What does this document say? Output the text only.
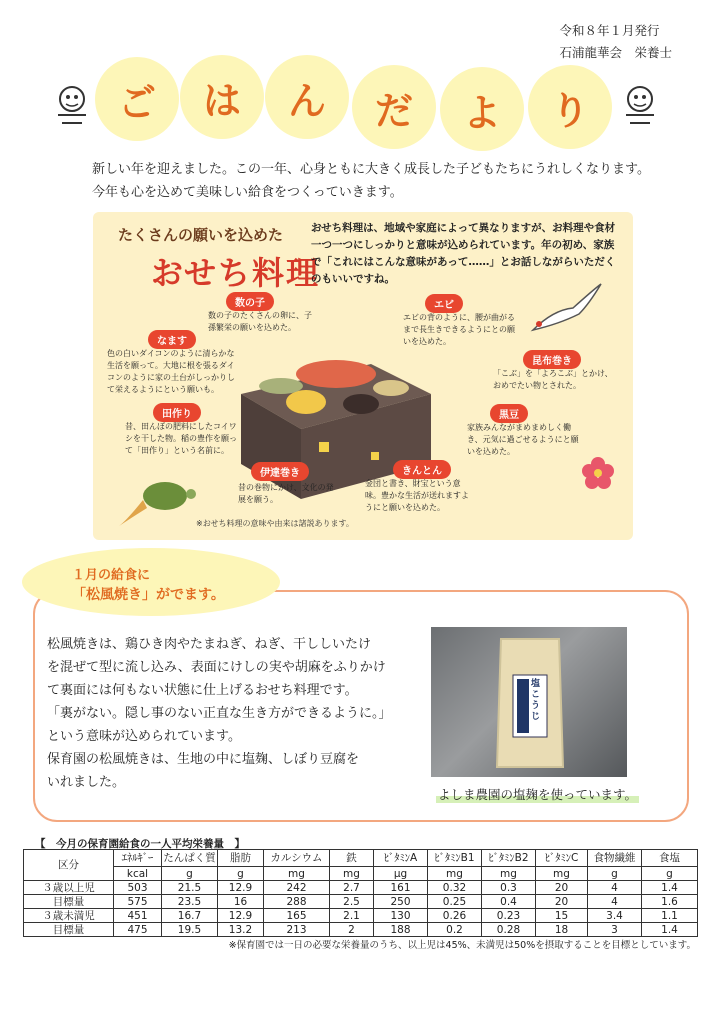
令和８年１月発行
石浦龍華会　栄養士
ご	は	ん	だ	よ	り
新しい年を迎えました。この一年、心身ともに大きく成長した子どもたちにうれしくなります。
今年も心を込めて美味しい給食をつくっていきます。
たくさんの願いを込めた
おせち料理
おせち料理は、地域や家庭によって異なりますが、お料理や食材一つ一つにしっかりと意味が込められています。年の初め、家族で「これにはこんな意味があって……」とお話しながらいただくのもいいですね。
数の子
数の子のたくさんの卵に、子孫繁栄の願いを込めた。
エビ
エビの背のように、腰が曲がるまで長生きできるようにとの願いを込めた。
なます
色の白いダイコンのように清らかな生活を願って。大地に根を張るダイコンのように家の土台がしっかりして栄えるようにという願いも。
昆布巻き
「こぶ」を「よろこぶ」とかけ、おめでたい物とされた。
田作り
昔、田んぼの肥料にしたコイワシを干した物。稲の豊作を願って「田作り」という名前に。
黒豆
家族みんながまめまめしく働き、元気に過ごせるようにと願いを込めた。
伊達巻き
昔の巻物にかけ、文化の発展を願う。
きんとん
金団と書き、財宝という意味。豊かな生活が送れますようにと願いを込めた。
※おせち料理の意味や由来は諸説あります。
１月の給食に
「松風焼き」がでます。
松風焼きは、鶏ひき肉やたまねぎ、ねぎ、干ししいたけ
を混ぜて型に流し込み、表面にけしの実や胡麻をふりかけ
て裏面には何もない状態に仕上げるおせち料理です。
「裏がない。隠し事のない正直な生き方ができるように。」
という意味が込められています。
保育園の松風焼きは、生地の中に塩麹、しぼり豆腐を
いれました。
塩こうじ
よしま農園の塩麹を使っています。
【　今月の保育園給食の一人平均栄養量　】
区分	ｴﾈﾙｷﾞｰ	たんぱく質	脂肪	カルシウム	鉄	ﾋﾞﾀﾐﾝA	ﾋﾞﾀﾐﾝB1	ﾋﾞﾀﾐﾝB2	ﾋﾞﾀﾐﾝC	食物繊維	食塩
	kcal	g	g	mg	mg	μg	mg	mg	mg	g	g
３歳以上児	503	21.5	12.9	242	2.7	161	0.32	0.3	20	4	1.4
目標量	575	23.5	16	288	2.5	250	0.25	0.4	20	4	1.6
３歳未満児	451	16.7	12.9	165	2.1	130	0.26	0.23	15	3.4	1.1
目標量	475	19.5	13.2	213	2	188	0.2	0.28	18	3	1.4
※保育園では一日の必要な栄養量のうち、以上児は45%、未満児は50%を摂取することを目標としています。
